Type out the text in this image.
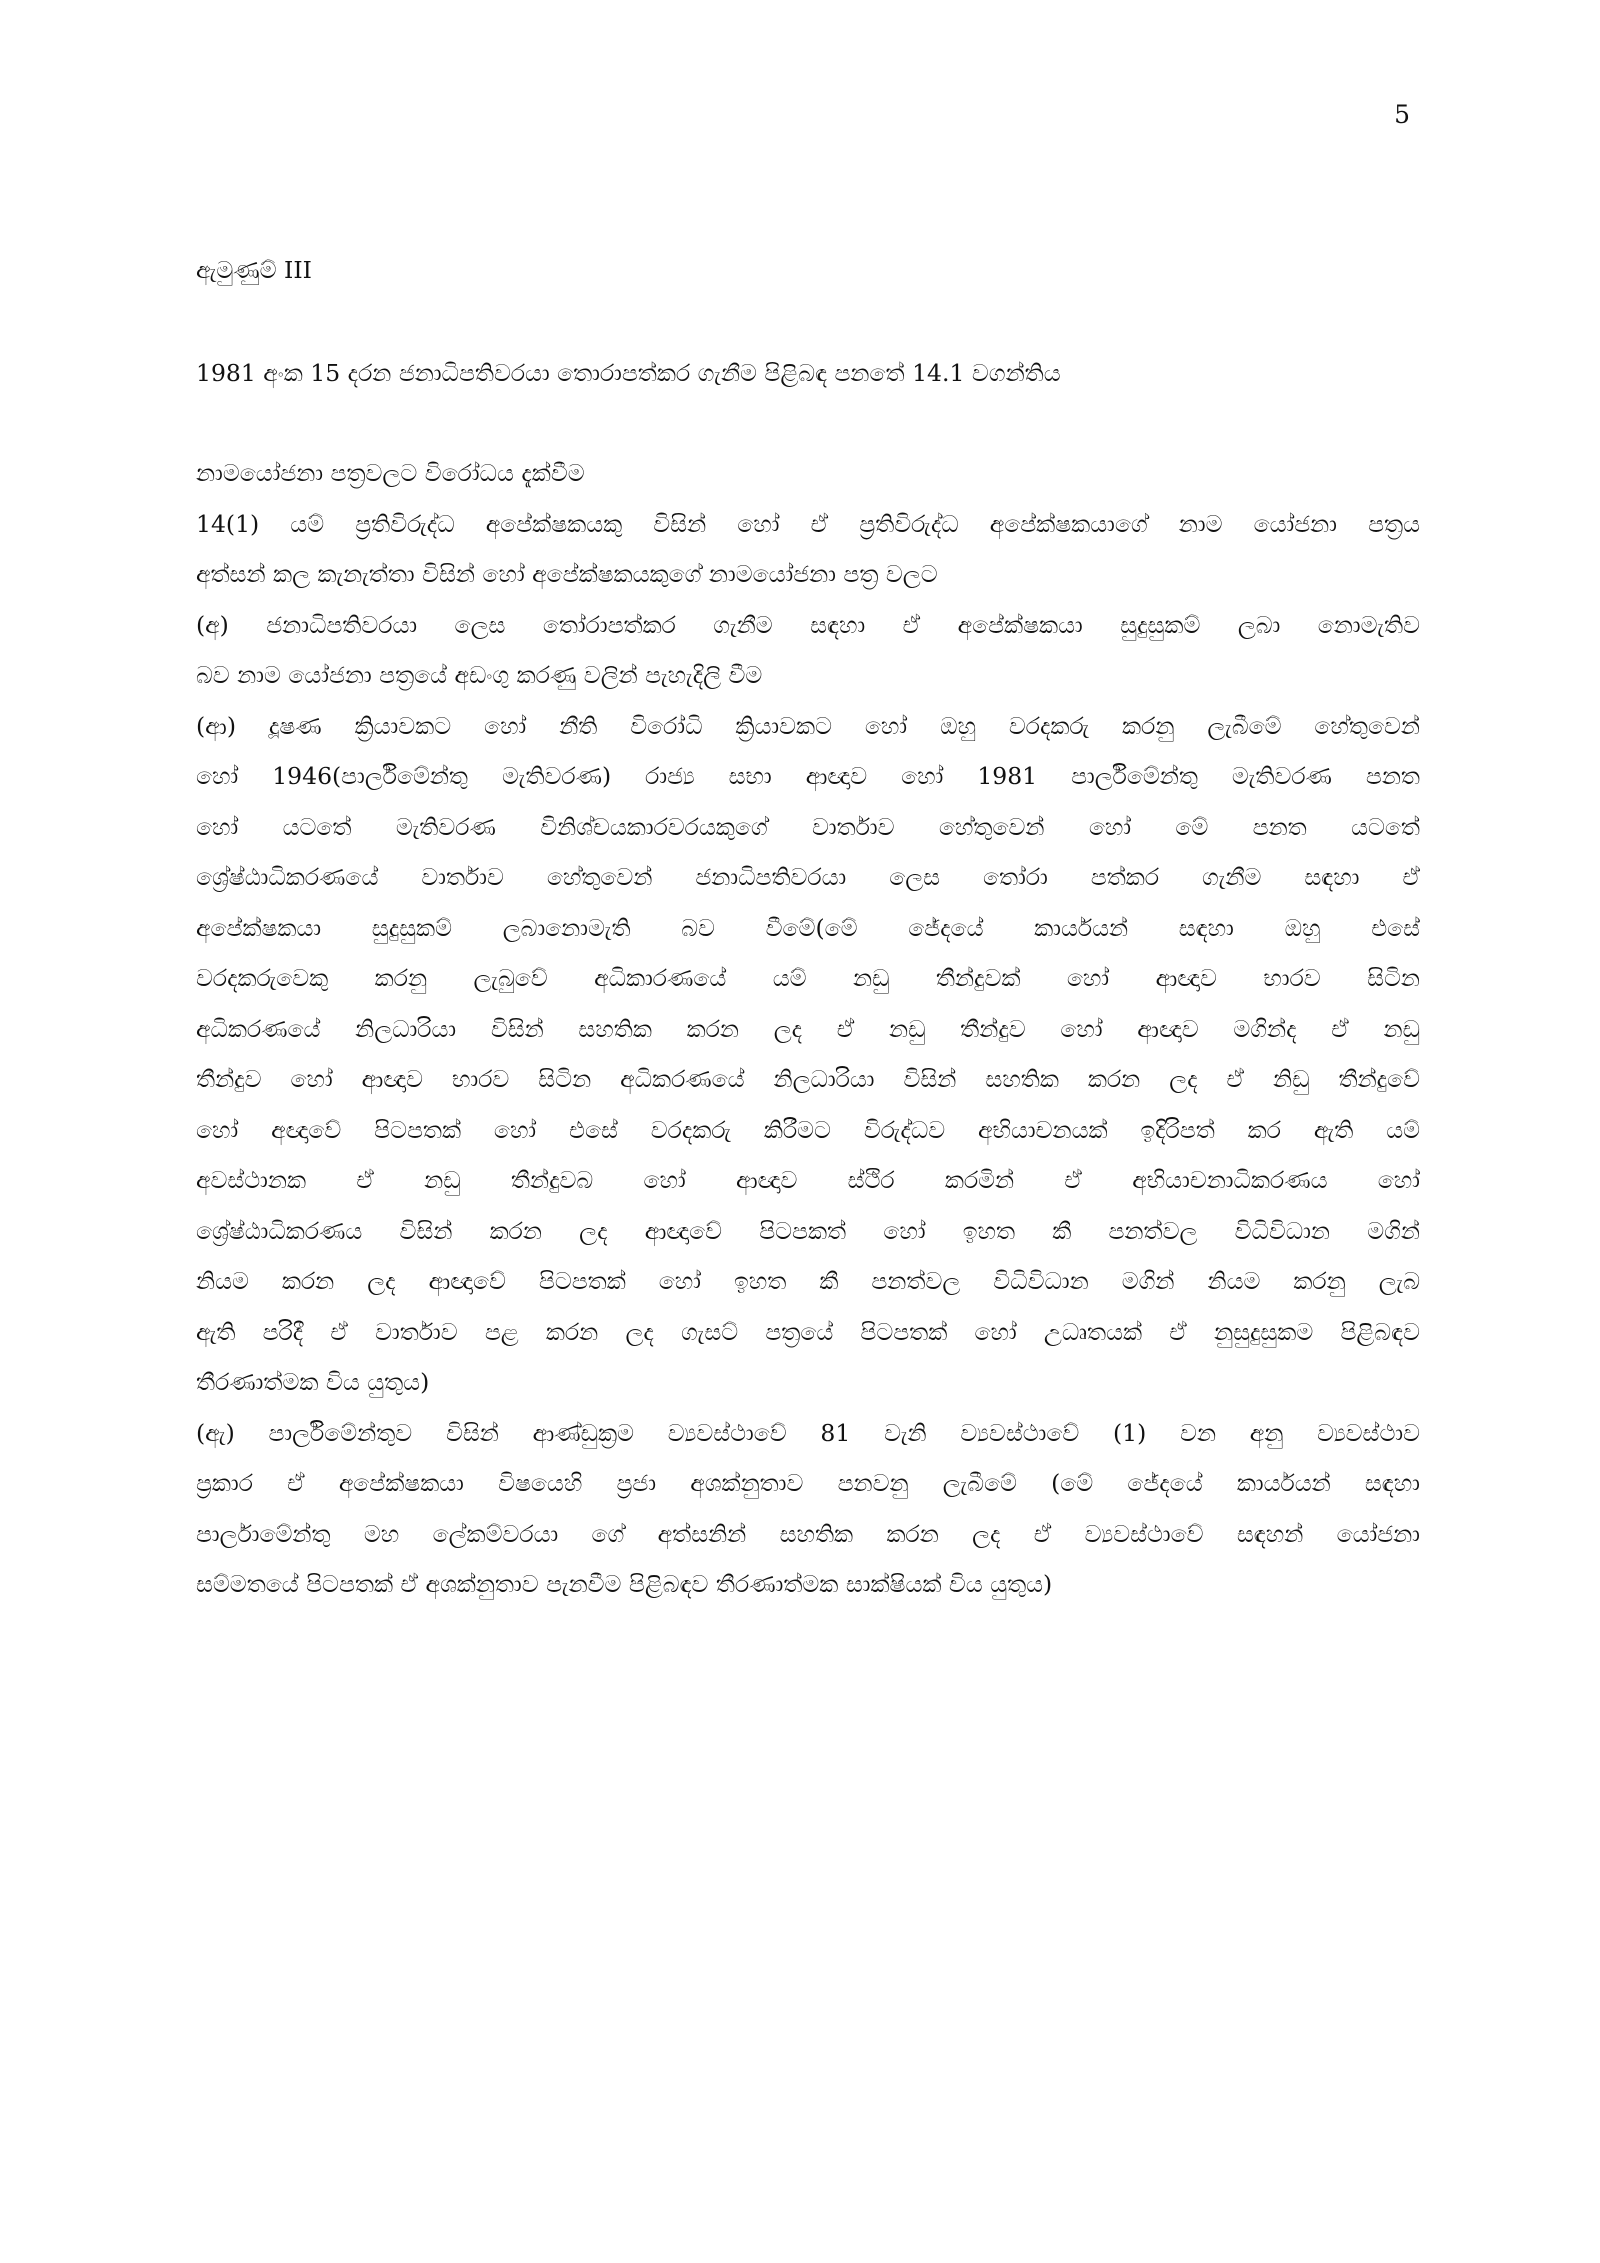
5
ඇමුණුම් III
1981 අංක 15 දරන ජනාධිපතිවරයා තොරාපත්කර ගැනීම පිළිබඳ පනතේ 14.1 වගන්තිය
නාමයෝජනා පත්‍රවලට විරෝධය දැක්වීම
14(1) යම් ප්‍රතිවිරුද්ධ අපේක්ෂකයකු විසින් හෝ ඒ ප්‍රතිවිරුද්ධ අපේක්ෂකයාගේ නාම යෝජනා පත්‍රය
අත්සන් කල කැනැත්තා විසින් හෝ අපේක්ෂකයකුගේ නාමයෝජනා පත්‍ර වලට
(අ) ජනාධිපතිවරයා ලෙස තෝරාපත්කර ගැනීම සඳහා ඒ අපේක්ෂකයා සුදුසුකම් ලබා නොමැතිව
බව නාම යෝජනා පත්‍රයේ අඩංගු කරණු වලින් පැහැදිලි වීම
(ආ) දූෂණ ක්‍රියාවකට හෝ නීති විරෝධි ක්‍රියාවකට හෝ ඔහු වරදකරු කරනු ලැබීමේ හේතුවෙන්
හෝ 1946(පාර්ලිමේන්තු මැතිවරණ) රාජ්‍ය සභා ආඥාව හෝ 1981 පාර්ලිමේන්තු මැතිවරණ පනත
හෝ යටතේ මැතිවරණ විනිශ්චයකාරවරයකුගේ වාර්තාව හේතුවෙන් හෝ මේ පනත යටතේ
ශ්‍රේෂ්ඨාධිකරණයේ වාර්තාව හේතුවෙන් ජනාධිපතිවරයා ලෙස තෝරා පත්කර ගැනීම සඳහා ඒ
අපේක්ෂකයා සුදුසුකම් ලබානොමැති බව වීමේ(මේ ජේදයේ කාර්යයන් සඳහා ඔහු එසේ
වරදකරුවෙකු කරනු ලැබුවේ අධිකාරණයේ යම් නඩු තීන්දුවක් හෝ ආඥාව භාරව සිටින
අධිකරණයේ නිලධාරියා විසින් සහතික කරන ලද ඒ නඩු තීන්දුව හෝ ආඥාව මගින්ද ඒ නඩු
තීන්දුව හෝ ආඥාව භාරව සිටින අධිකරණයේ නිලධාරියා විසින් සහතික කරන ලද ඒ නිඩු තීන්දුවේ
හෝ අඥාවේ පිටපතක් හෝ එසේ වරදකරු කිරීමට විරුද්ධව අභියාචනයක් ඉදිරිපත් කර ඇති යම්
අවස්ථානක ඒ නඩු තීන්දුවබ හෝ ආඥාව ස්ථිර කරමින් ඒ අභියාචනාධිකරණය හෝ
ශ්‍රේෂ්ඨාධිකරණය විසින් කරන ලද ආඥාවේ පිටපකත් හෝ ඉහත කී පනත්වල විධිවිධාන මගින්
නියම කරන ලද ආඥාවේ පිටපතක් හෝ ඉහත කී පනත්වල විධිවිධාන මගින් නියම කරනු ලැබ
ඇති පරිදී ඒ වාර්තාව පළ කරන ලද ගැසට් පත්‍රයේ පිටපතක් හෝ උධෘතයක් ඒ නුසුදුසුකම පිළිබඳව
තීරණාත්මක විය යුතුය)
(ඇ) පාර්ලිමේන්තුව විසින් ආණ්ඩුක්‍රම ව්‍යවස්ථාවේ 81 වැනි ව්‍යවස්ථාවේ (1) වන අනු ව්‍යවස්ථාව
ප්‍රකාර ඒ අපේක්ෂකයා විෂයෙහි ප්‍රජා අශක්නුතාව පනවනු ලැබීමේ (මේ ජේදයේ කාර්යයන් සඳහා
පාර්ලාමේන්තු මහ ලේකම්වරයා ගේ අත්සනින් සහතික කරන ලද ඒ ව්‍යවස්ථාවේ සඳහන් යෝජනා
සම්මතයේ පිටපතක් ඒ අශක්නුතාව පැනවීම පිළිබඳව තීරණාත්මක සාක්ෂියක් විය යුතුය)
